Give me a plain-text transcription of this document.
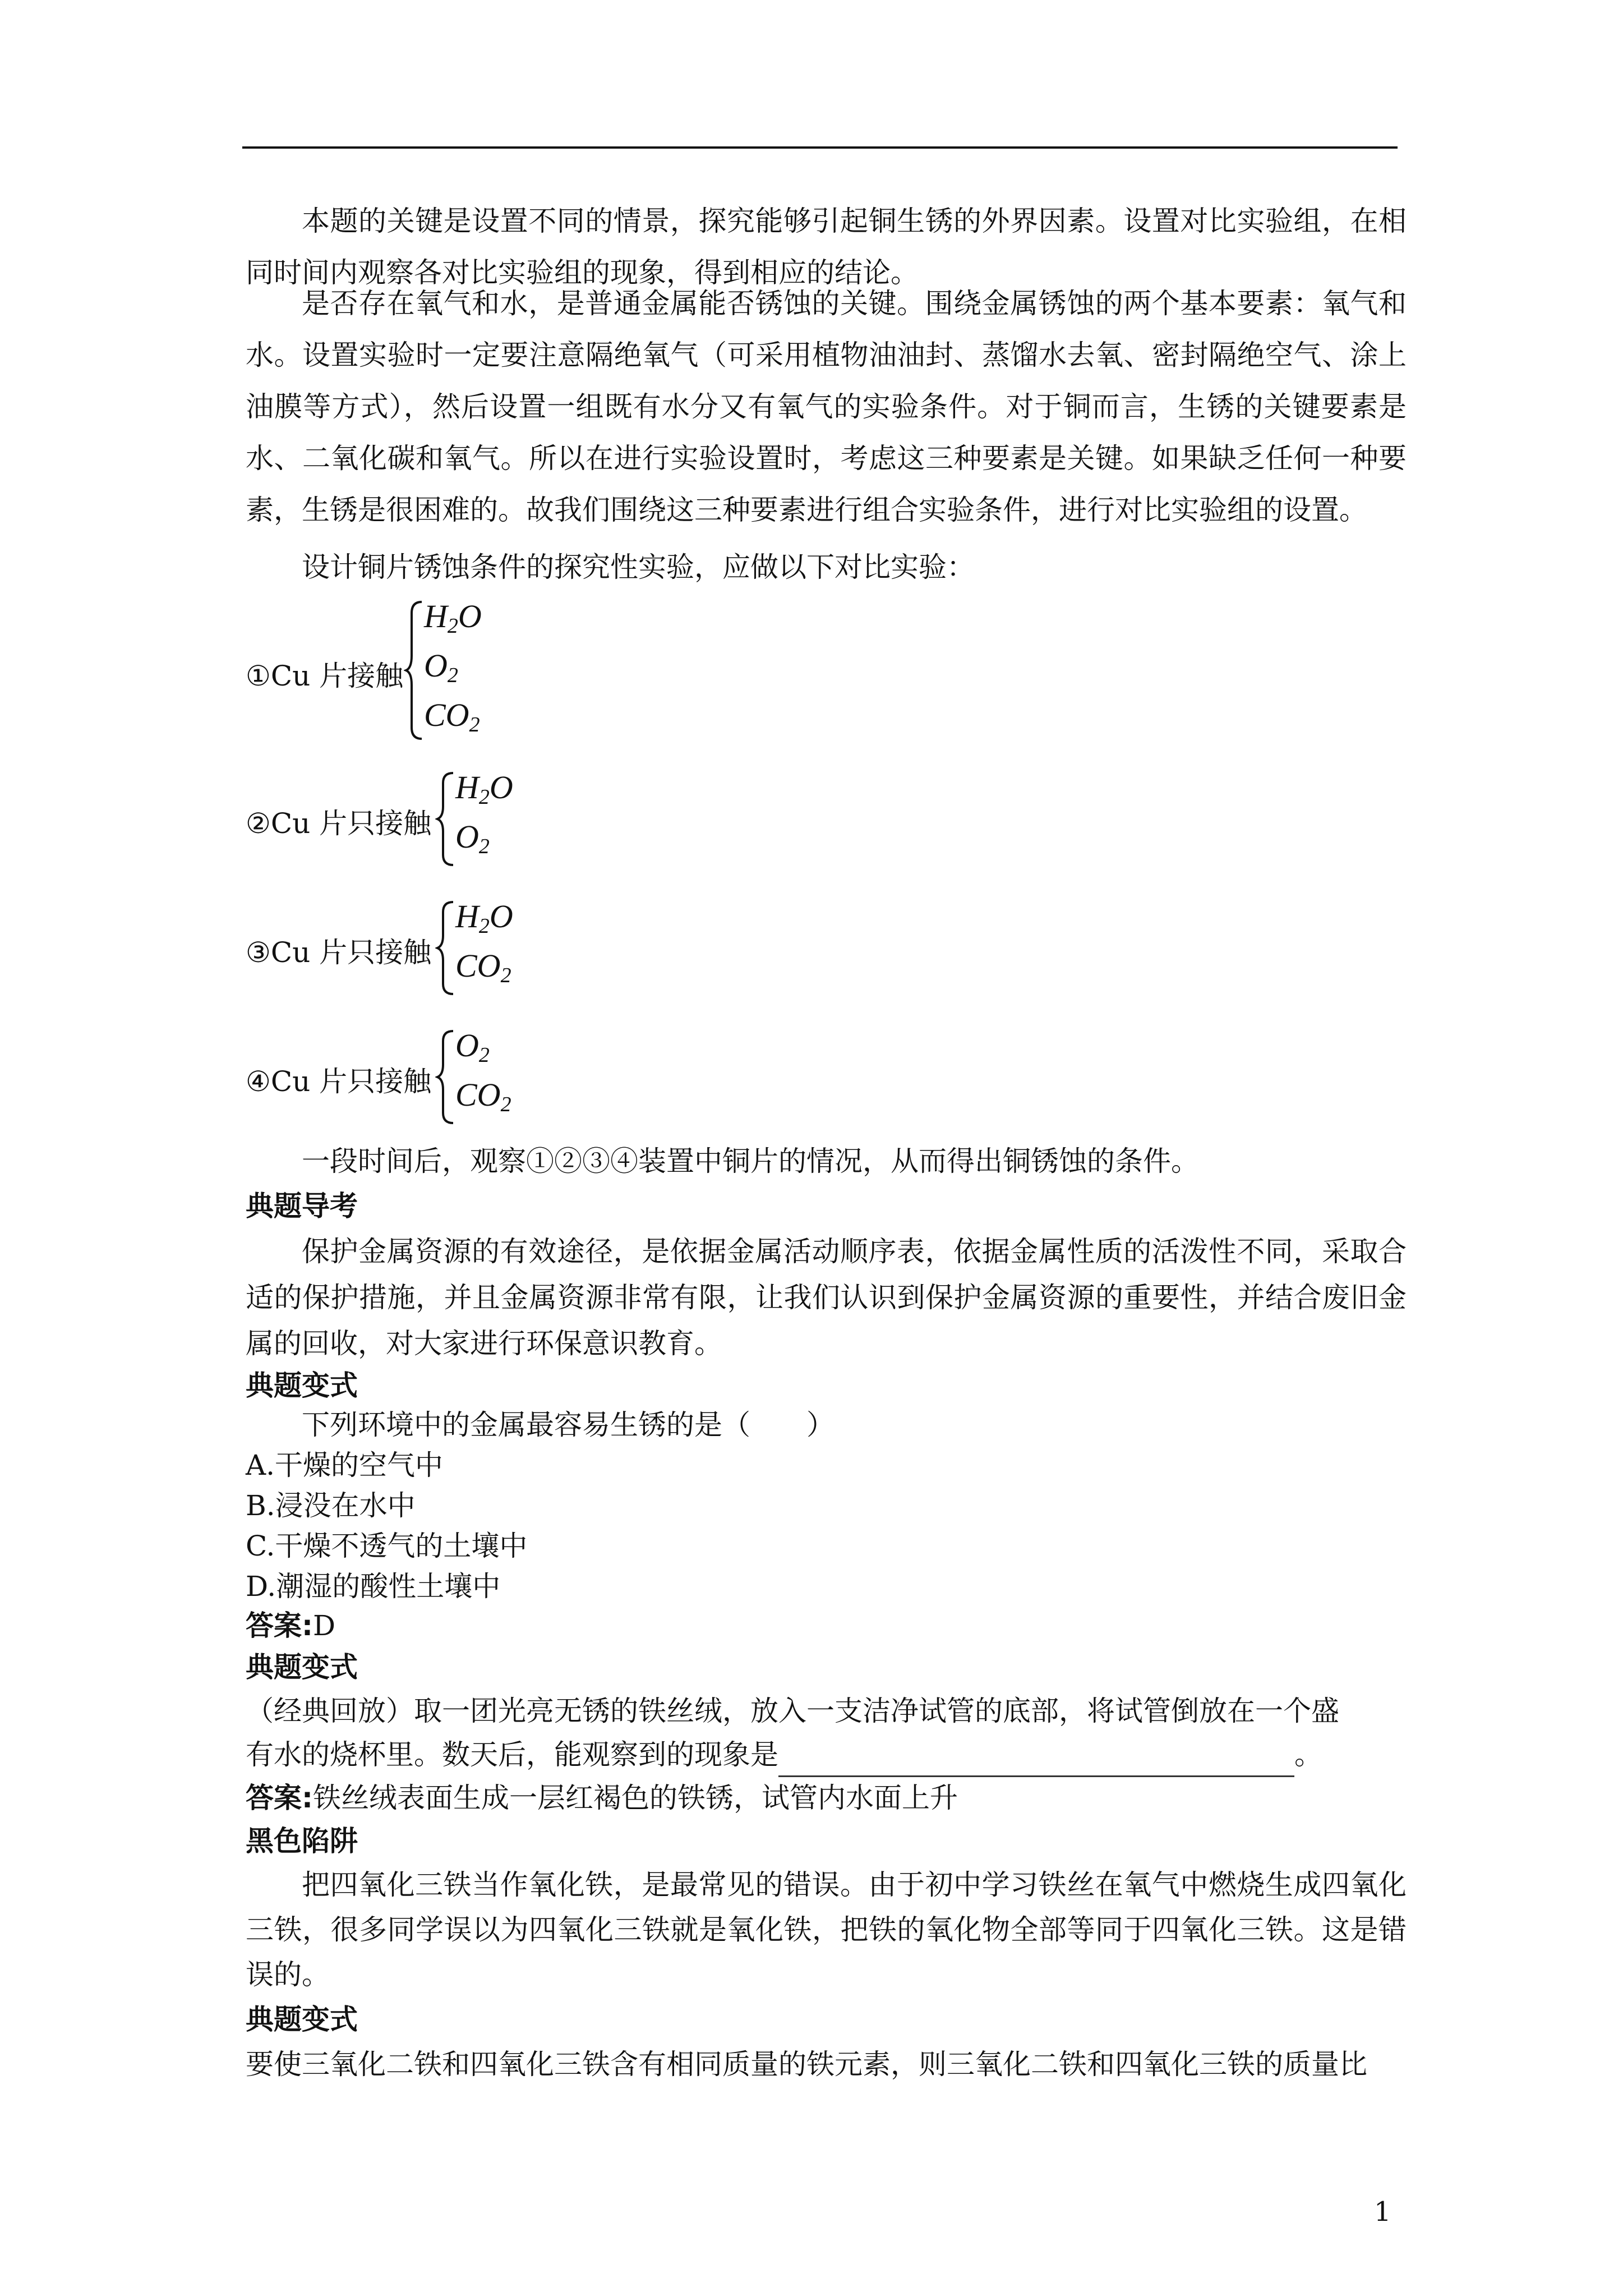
本题的关键是设置不同的情景，探究能够引起铜生锈的外界因素。设置对比实验组，在相同时间内观察各对比实验组的现象，得到相应的结论。

是否存在氧气和水，是普通金属能否锈蚀的关键。围绕金属锈蚀的两个基本要素：氧气和水。设置实验时一定要注意隔绝氧气（可采用植物油油封、蒸馏水去氧、密封隔绝空气、涂上油膜等方式），然后设置一组既有水分又有氧气的实验条件。对于铜而言，生锈的关键要素是水、二氧化碳和氧气。所以在进行实验设置时，考虑这三种要素是关键。如果缺乏任何一种要素，生锈是很困难的。故我们围绕这三种要素进行组合实验条件，进行对比实验组的设置。

设计铜片锈蚀条件的探究性实验，应做以下对比实验：

①Cu 片接触
$H_2O$
$O_2$
$CO_2$
②Cu 片只接触
$H_2O$
$O_2$
③Cu 片只接触
$H_2O$
$CO_2$
④Cu 片只接触
$O_2$
$CO_2$

一段时间后，观察①②③④装置中铜片的情况，从而得出铜锈蚀的条件。

典题导考

保护金属资源的有效途径，是依据金属活动顺序表，依据金属性质的活泼性不同，采取合适的保护措施，并且金属资源非常有限，让我们认识到保护金属资源的重要性，并结合废旧金属的回收，对大家进行环保意识教育。

典题变式

下列环境中的金属最容易生锈的是（　　）

A.干燥的空气中

B.浸没在水中

C.干燥不透气的土壤中

D.潮湿的酸性土壤中

答案:D

典题变式

（经典回放）取一团光亮无锈的铁丝绒，放入一支洁净试管的底部，将试管倒放在一个盛

有水的烧杯里。数天后，能观察到的现象是	。

答案:铁丝绒表面生成一层红褐色的铁锈，试管内水面上升

黑色陷阱

把四氧化三铁当作氧化铁，是最常见的错误。由于初中学习铁丝在氧气中燃烧生成四氧化三铁，很多同学误以为四氧化三铁就是氧化铁，把铁的氧化物全部等同于四氧化三铁。这是错误的。

典题变式

要使三氧化二铁和四氧化三铁含有相同质量的铁元素，则三氧化二铁和四氧化三铁的质量比

1
